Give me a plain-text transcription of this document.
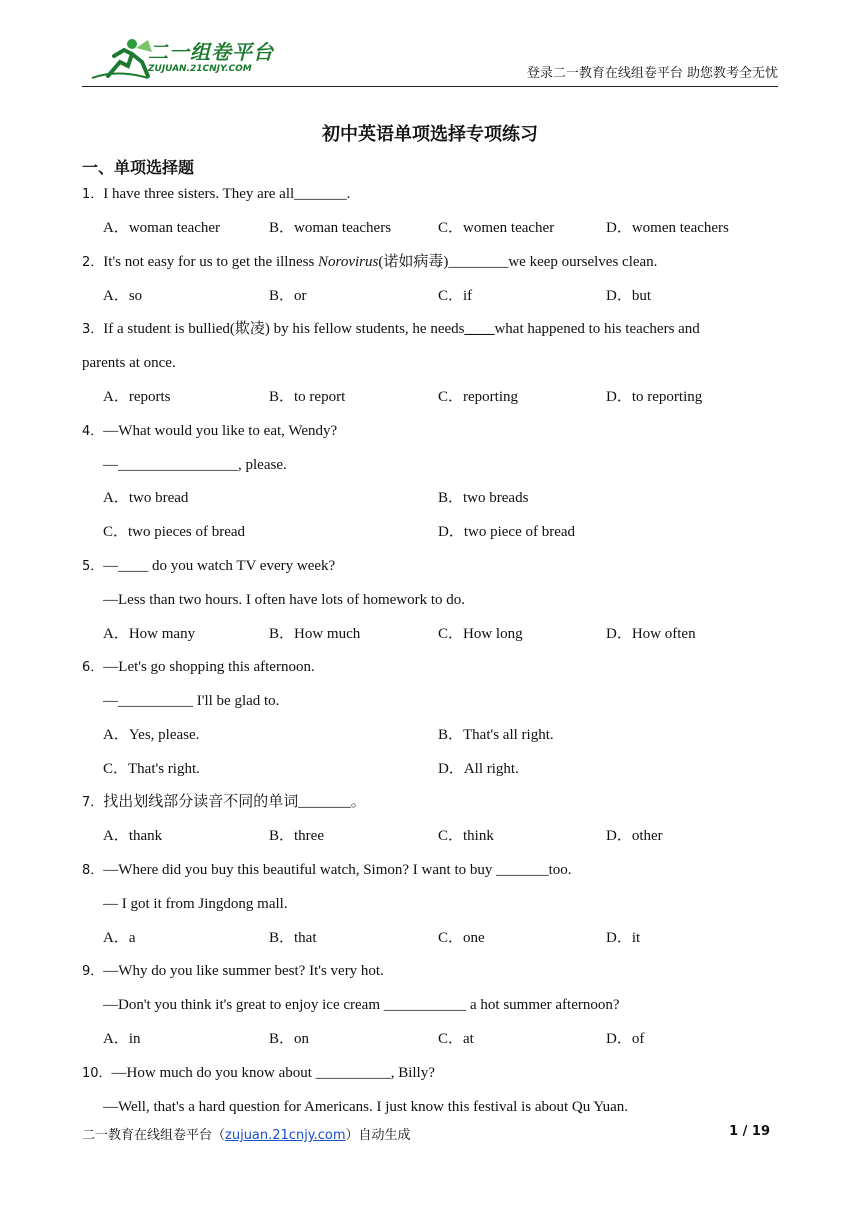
二一组卷平台
ZUJUAN.21CNJY.COM	登录二一教育在线组卷平台 助您教考全无忧
初中英语单项选择专项练习
一、单项选择题
1．I have three sisters. They are all_______.
A．woman teacher	B．woman teachers	C．women teacher	D．women teachers
2．It's not easy for us to get the illness Norovirus(诺如病毒)________we keep ourselves clean.
A．so	B．or	C．if	D．but
3．If a student is bullied(欺凌) by his fellow students, he needs____what happened to his teachers and
parents at once.
A．reports	B．to report	C．reporting	D．to reporting
4．—What would you like to eat, Wendy?
—________________, please.
A．two bread	B．two breads
C．two pieces of bread	D．two piece of bread
5．—____ do you watch TV every week?
—Less than two hours. I often have lots of homework to do.
A．How many	B．How much	C．How long	D．How often
6．—Let's go shopping this afternoon.
—__________ I'll be glad to.
A．Yes, please.	B．That's all right.
C．That's right.	D．All right.
7．找出划线部分读音不同的单词_______。
A．thank	B．three	C．think	D．other
8．—Where did you buy this beautiful watch, Simon? I want to buy _______too.
— I got it from Jingdong mall.
A．a	B．that	C．one	D．it
9．—Why do you like summer best? It's very hot.
—Don't you think it's great to enjoy ice cream ___________ a hot summer afternoon?
A．in	B．on	C．at	D．of
10．—How much do you know about __________, Billy?
—Well, that's a hard question for Americans. I just know this festival is about Qu Yuan.
二一教育在线组卷平台（zujuan.21cnjy.com）自动生成	1 / 19
